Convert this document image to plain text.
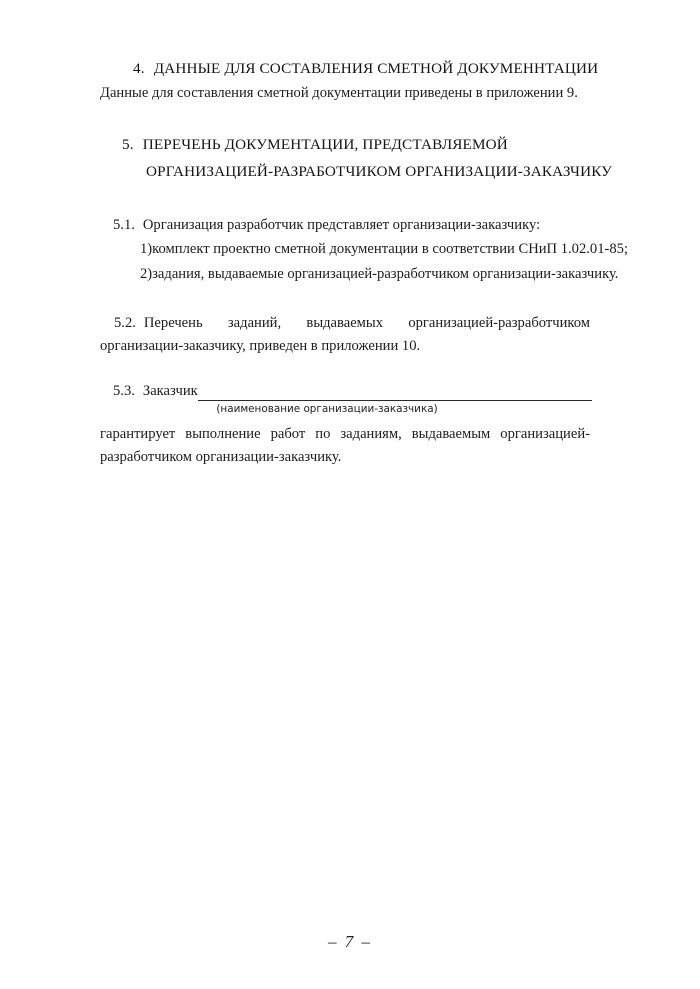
4. ДАННЫЕ ДЛЯ СОСТАВЛЕНИЯ СМЕТНОЙ ДОКУМЕННТАЦИИ
Данные для составления сметной документации приведены в приложении 9.
5. ПЕРЕЧЕНЬ ДОКУМЕНТАЦИИ, ПРЕДСТАВЛЯЕМОЙ
ОРГАНИЗАЦИЕЙ-РАЗРАБОТЧИКОМ ОРГАНИЗАЦИИ-ЗАКАЗЧИКУ
5.1. Организация разработчик представляет организации-заказчику:
1)комплект проектно сметной документации в соответствии СНиП 1.02.01-85;
2)задания, выдаваемые организацией-разработчиком организации-заказчику.
5.2. Перечень заданий, выдаваемых организацией-разработчиком организации-заказчику, приведен в приложении 10.
5.3. Заказчик
(наименование организации-заказчика)
гарантирует выполнение работ по заданиям, выдаваемым организацией-разработчиком организации-заказчику.
– 7 –
